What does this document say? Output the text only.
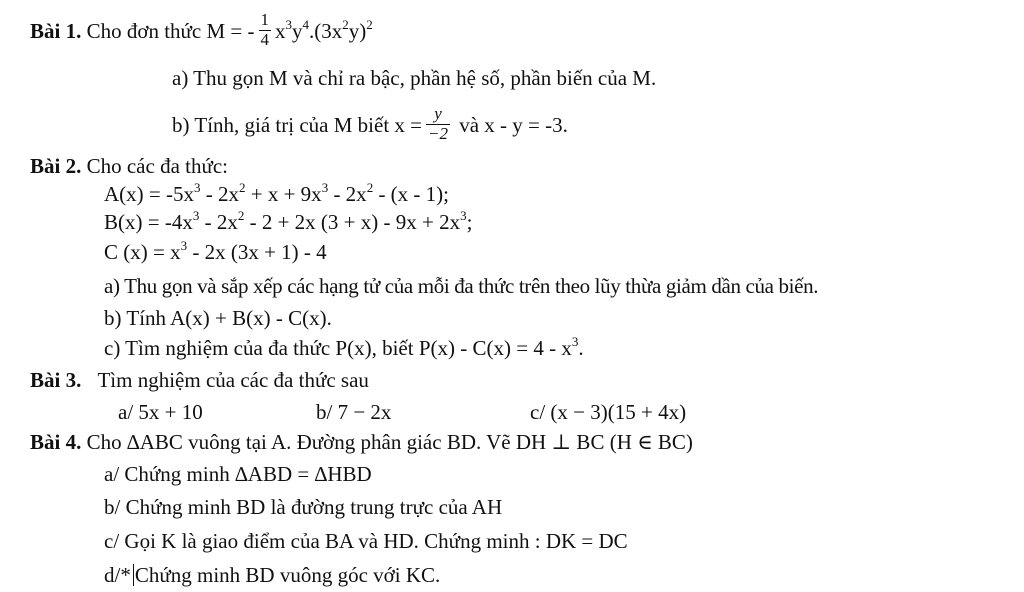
Bài 1. Cho đơn thức M = - $\frac{1}{4} x^3y^4.(3x^2y)^2$
a) Thu gọn M và chỉ ra bậc, phần hệ số, phần biến của M.
b) Tính, giá trị của M biết $x = \frac{y}{-2}$ và x - y = -3.
Bài 2. Cho các đa thức:
$A(x) = -5x^3 - 2x^2 + x + 9x^3 - 2x^2 - (x - 1)$;
$B(x) = -4x^3 - 2x^2 - 2 + 2x$ $(3 + x) - 9x + 2x^3$;
C $(x) = x^3 - 2x$ (3x + 1) - 4
a) Thu gọn và sắp xếp các hạng tử của mỗi đa thức trên theo lũy thừa giảm dần của biến.
b) Tính A(x) + B(x) - C(x).
c) Tìm nghiệm của đa thức P(x), biết $P(x) - C(x) = 4 - x^3$.
Bài 3. Tìm nghiệm của các đa thức sau
a/ 5x + 10	b/ 7 − 2x	c/ (x − 3)(15 + 4x)
Bài 4. Cho ∆ABC vuông tại A. Đường phân giác BD. Vẽ DH ⊥ BC (H ∈ BC)
a/ Chứng minh ∆ABD = ∆HBD
b/ Chứng minh BD là đường trung trực của AH
c/ Gọi K là giao điểm của BA và HD. Chứng minh : DK = DC
d/* Chứng minh BD vuông góc với KC.
